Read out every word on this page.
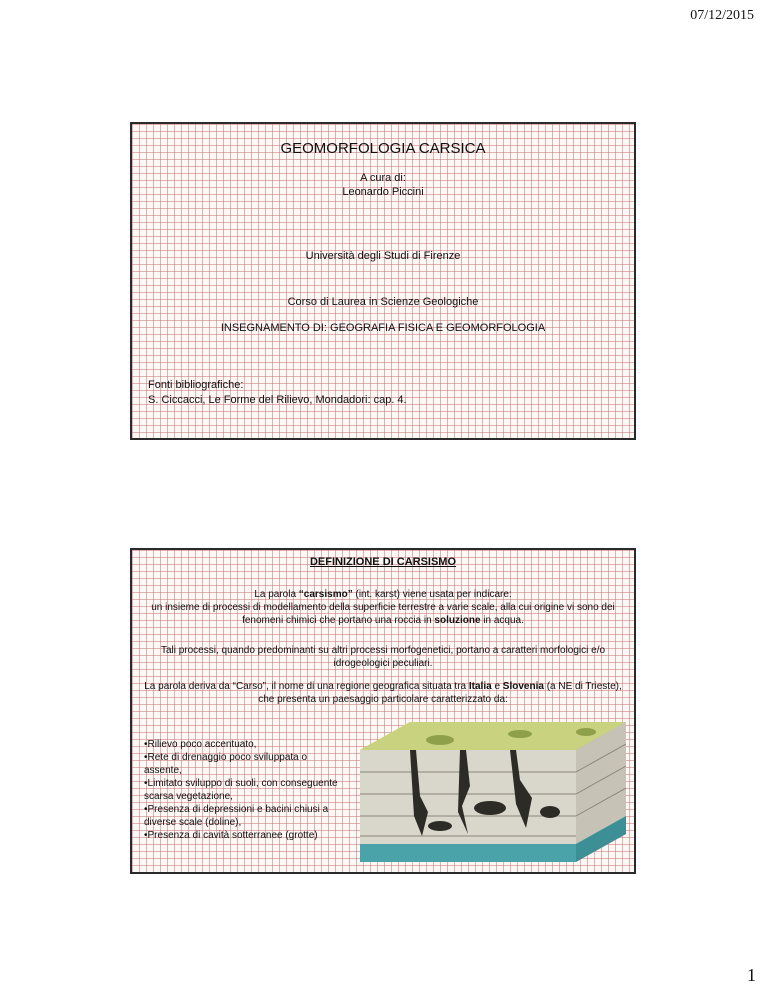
07/12/2015
GEOMORFOLOGIA CARSICA
A cura di:
Leonardo Piccini
Università degli Studi di Firenze
Corso di Laurea in Scienze Geologiche
INSEGNAMENTO DI: GEOGRAFIA FISICA E GEOMORFOLOGIA
Fonti bibliografiche:
S. Ciccacci, Le Forme del Rilievo, Mondadori: cap. 4.
DEFINIZIONE DI CARSISMO
La parola “carsismo” (int. karst) viene usata per indicare:
un insieme di processi di modellamento della superficie terrestre a varie scale, alla cui origine vi sono dei fenomeni chimici che portano una roccia in soluzione in acqua.
Tali processi, quando predominanti su altri processi morfogenetici, portano a caratteri morfologici e/o idrogeologici peculiari.
La parola deriva da “Carso”, il nome di una regione geografica situata tra Italia e Slovenia (a NE di Trieste), che presenta un paesaggio particolare caratterizzato da:
•Rilievo poco accentuato,
•Rete di drenaggio poco sviluppata o assente,
•Limitato sviluppo di suoli, con conseguente scarsa vegetazione,
•Presenza di depressioni e bacini chiusi a diverse scale (doline),
•Presenza di cavità sotterranee (grotte)
1
